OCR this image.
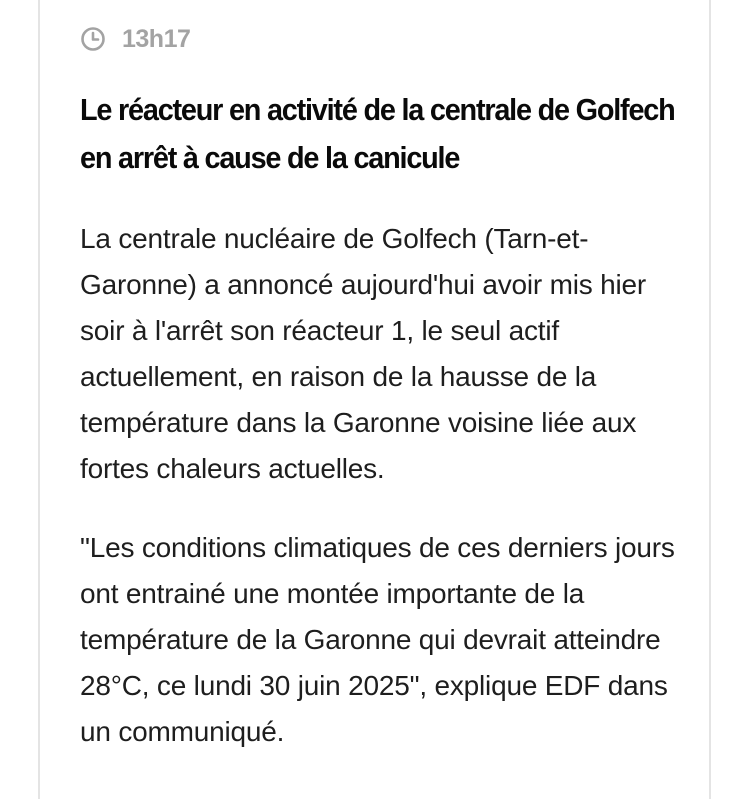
13h17
Le réacteur en activité de la centrale de Golfech en arrêt à cause de la canicule

La centrale nucléaire de Golfech (Tarn-et-Garonne) a annoncé aujourd'hui avoir mis hier soir à l'arrêt son réacteur 1, le seul actif actuellement, en raison de la hausse de la température dans la Garonne voisine liée aux fortes chaleurs actuelles.

"Les conditions climatiques de ces derniers jours ont entrainé une montée importante de la température de la Garonne qui devrait atteindre 28°C, ce lundi 30 juin 2025", explique EDF dans un communiqué.
